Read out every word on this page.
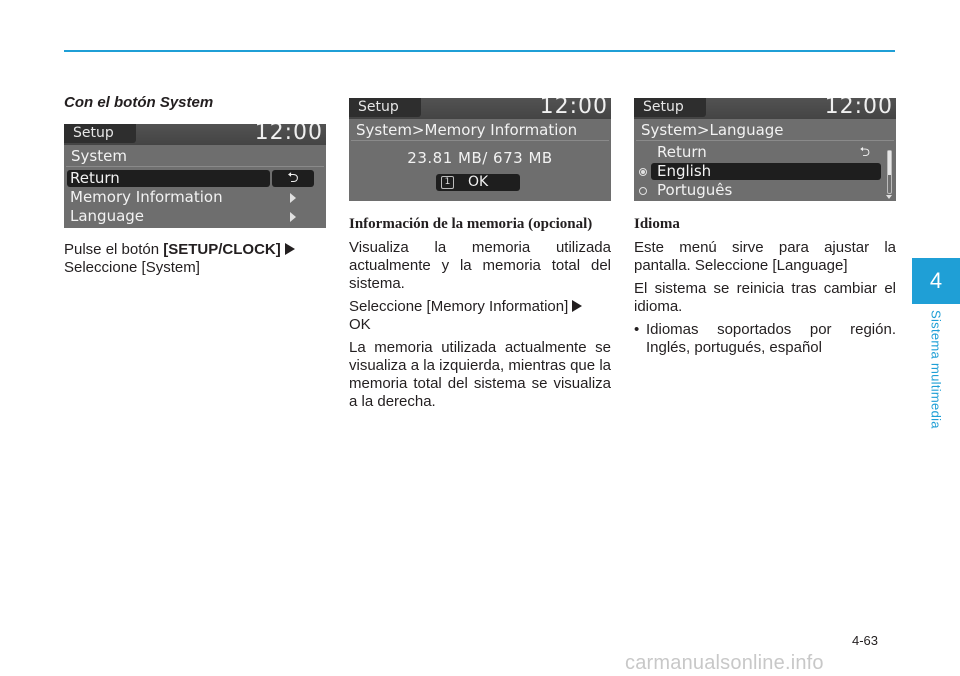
Con el botón System
Setup	12:00
System
Return	⮌
Memory Information
Language

Pulse el botón [SETUP/CLOCK]
Seleccione [System]

Setup	12:00
System>Memory Information
23.81 MB/ 673 MB
1 OK
Información de la memoria (opcional)

Visualiza la memoria utilizada actualmente y la memoria total del sistema.

Seleccione [Memory Information]
OK

La memoria utilizada actualmente se visualiza a la izquierda, mientras que la memoria total del sistema se visualiza a la derecha.

Setup	12:00
System>Language
Return	⮌
English
Português
Idioma

Este menú sirve para ajustar la pantalla. Seleccione [Language]

El sistema se reinicia tras cambiar el idioma.

• Idiomas soportados por región. Inglés, portugués, español
4
Sistema multimedia
4-63
carmanualsonline.info
